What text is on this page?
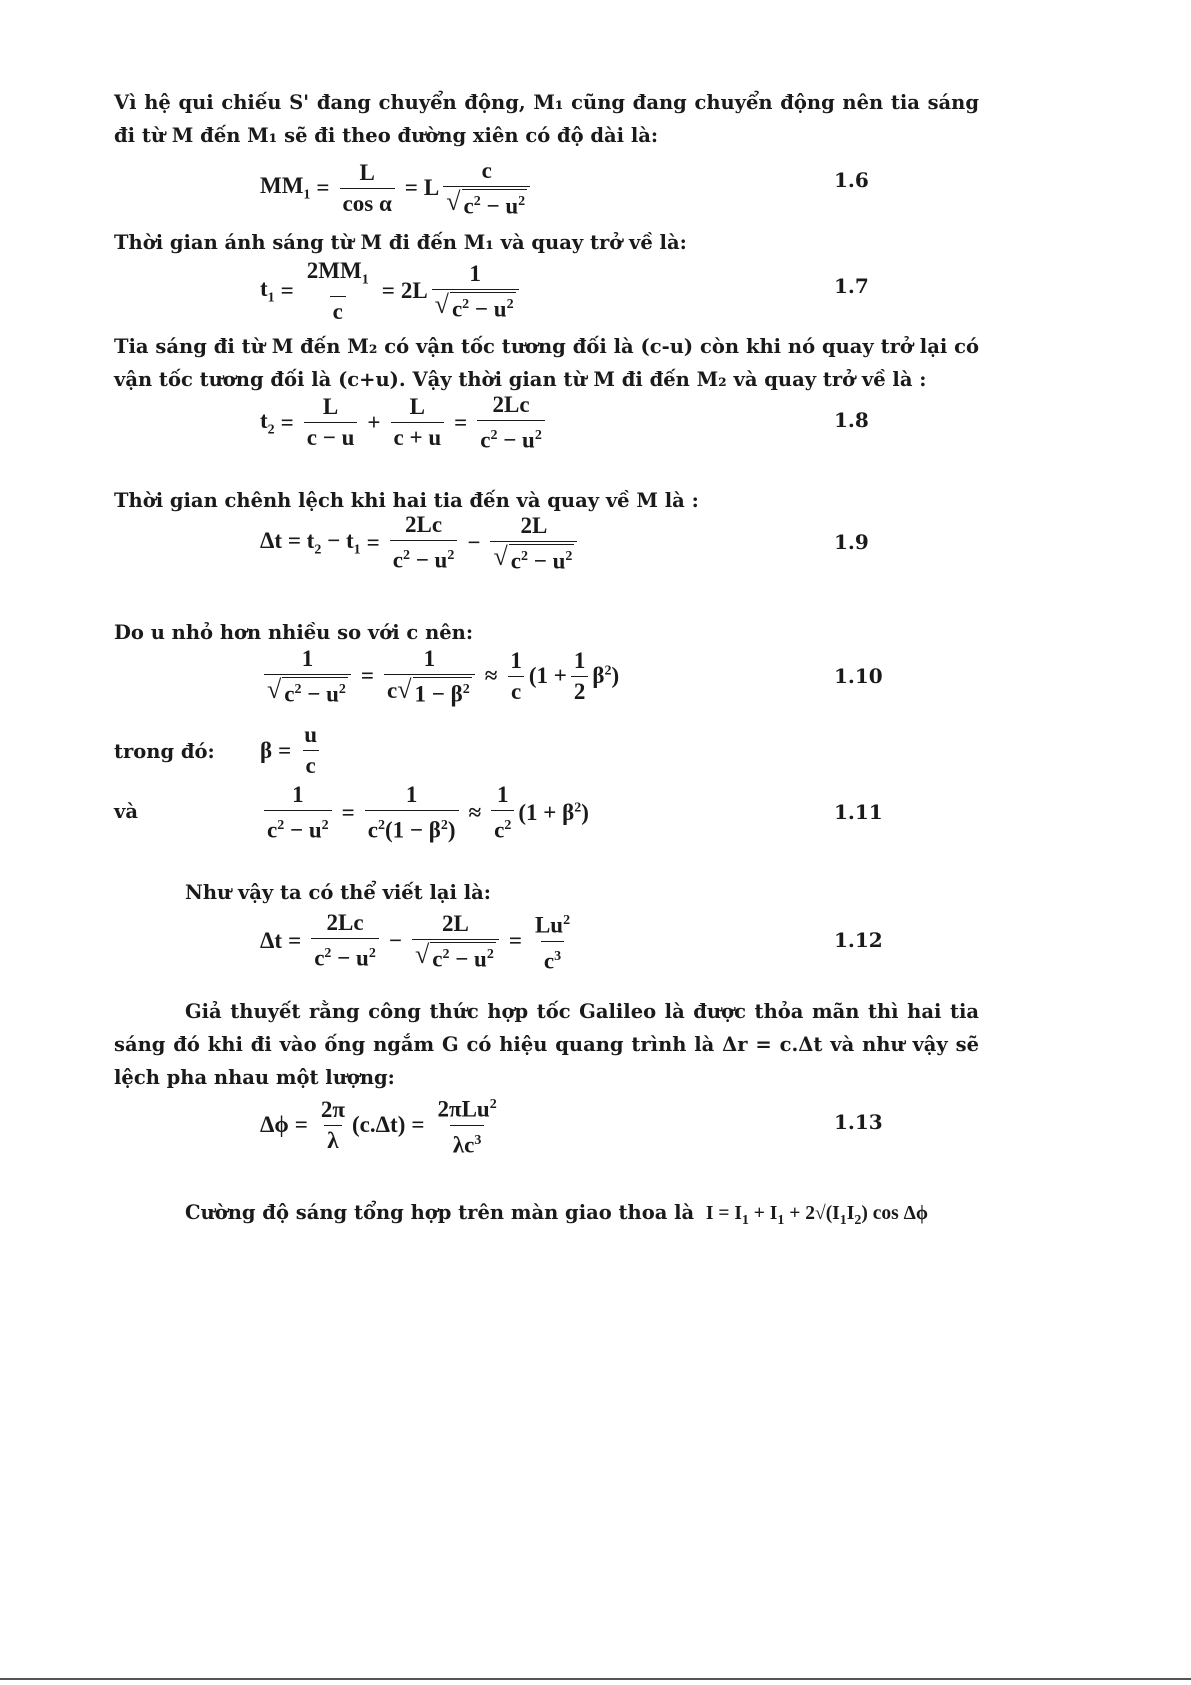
Vì hệ qui chiếu S' đang chuyển động, M₁ cũng đang chuyển động nên tia sáng đi từ M đến M₁ sẽ đi theo đường xiên có độ dài là:
$MM_1 = \frac{L}{\text{cos α}} = L \frac{c}{√ c^2 - u^2}$	1.6
Thời gian ánh sáng từ M đi đến M₁ và quay trở về là:
$t_1 = \frac{2MM_1}{c} = 2L \frac{1}{√ c^2 - u^2}$	1.7
Tia sáng đi từ M đến M₂ có vận tốc tương đối là (c-u) còn khi nó quay trở lại có vận tốc tương đối là (c+u). Vậy thời gian từ M đi đến M₂ và quay trở về là :
$t_2 = \frac{L}{c - u} + \frac{L}{c + u} = \frac{2Lc}{c^2 - u^2}$	1.8
Thời gian chênh lệch khi hai tia đến và quay về M là :
$\Delta t = t_2 - t_1 = \frac{2Lc}{c^2 - u^2} - \frac{2L}{√ c^2 - u^2}$	1.9
Do u nhỏ hơn nhiều so với c nên:
$\frac{1}{√ c^2 - u^2} = \frac{1}{c √ 1 - \beta^2} \approx \frac{1}{c} (1 + \frac{1}{2} \beta^2)$	1.10
trong đó: $\beta = \frac{u}{c}$
và	$\frac{1}{c^2 - u^2} = \frac{1}{c^2(1 - \beta^2)} \approx \frac{1}{c^2} (1 + \beta^2)$	1.11
Như vậy ta có thể viết lại là:
$\Delta t = \frac{2Lc}{c^2 - u^2} - \frac{2L}{√ c^2 - u^2} = \frac{Lu^2}{c^3}$	1.12
Giả thuyết rằng công thức hợp tốc Galileo là được thỏa mãn thì hai tia sáng đó khi đi vào ống ngắm G có hiệu quang trình là Δr = c.Δt và như vậy sẽ lệch pha nhau một lượng:
$\Delta\phi = \frac{2\pi}{\lambda} (c.\Delta t) = \frac{2\pi Lu^2}{\lambda c^3}$	1.13
Cường độ sáng tổng hợp trên màn giao thoa là  $I = I_1 + I_1 + 2√(I_1I_2)$ cos Δϕ
